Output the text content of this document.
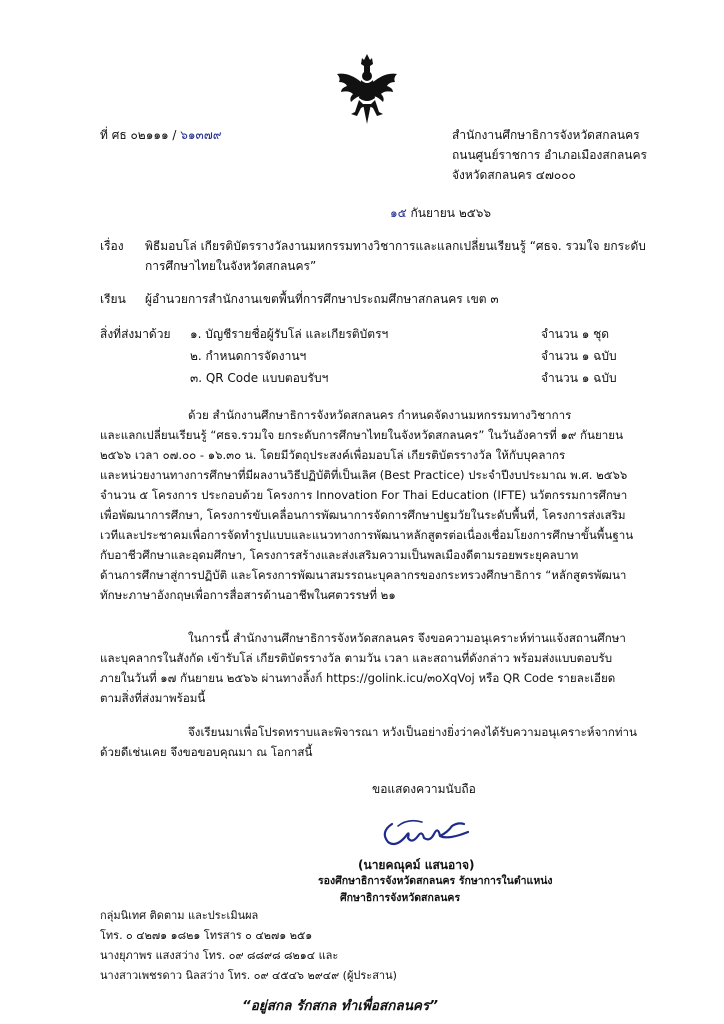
ที่ ศธ ๐๒๑๑๑ / ๖๑๓๗๙	สำนักงานศึกษาธิการจังหวัดสกลนคร
ถนนศูนย์ราชการ อำเภอเมืองสกลนคร
จังหวัดสกลนคร ๔๗๐๐๐
๑๕ กันยายน ๒๕๖๖
เรื่อง พิธีมอบโล่ เกียรติบัตรรางวัลงานมหกรรมทางวิชาการและแลกเปลี่ยนเรียนรู้ “ศธจ. รวมใจ ยกระดับ
การศึกษาไทยในจังหวัดสกลนคร”
เรียน ผู้อำนวยการสำนักงานเขตพื้นที่การศึกษาประถมศึกษาสกลนคร เขต ๓
สิ่งที่ส่งมาด้วย ๑. บัญชีรายชื่อผู้รับโล่ และเกียรติบัตรฯ
๒. กำหนดการจัดงานฯ
๓. QR Code แบบตอบรับฯ
จำนวน ๑ ชุด
จำนวน ๑ ฉบับ
จำนวน ๑ ฉบับ
ด้วย สำนักงานศึกษาธิการจังหวัดสกลนคร กำหนดจัดงานมหกรรมทางวิชาการ
และแลกเปลี่ยนเรียนรู้ “ศธจ.รวมใจ ยกระดับการศึกษาไทยในจังหวัดสกลนคร” ในวันอังคารที่ ๑๙ กันยายน
๒๕๖๖ เวลา ๐๗.๐๐ - ๑๖.๓๐ น. โดยมีวัตถุประสงค์เพื่อมอบโล่ เกียรติบัตรรางวัล ให้กับบุคลากร
และหน่วยงานทางการศึกษาที่มีผลงานวิธีปฏิบัติที่เป็นเลิศ (Best Practice) ประจำปีงบประมาณ พ.ศ. ๒๕๖๖
จำนวน ๕ โครงการ ประกอบด้วย โครงการ Innovation For Thai Education (IFTE) นวัตกรรมการศึกษา
เพื่อพัฒนาการศึกษา, โครงการขับเคลื่อนการพัฒนาการจัดการศึกษาปฐมวัยในระดับพื้นที่, โครงการส่งเสริม
เวทีและประชาคมเพื่อการจัดทำรูปแบบและแนวทางการพัฒนาหลักสูตรต่อเนื่องเชื่อมโยงการศึกษาขั้นพื้นฐาน
กับอาชีวศึกษาและอุดมศึกษา, โครงการสร้างและส่งเสริมความเป็นพลเมืองดีตามรอยพระยุคลบาท
ด้านการศึกษาสู่การปฏิบัติ และโครงการพัฒนาสมรรถนะบุคลากรของกระทรวงศึกษาธิการ “หลักสูตรพัฒนา
ทักษะภาษาอังกฤษเพื่อการสื่อสารด้านอาชีพในศตวรรษที่ ๒๑
ในการนี้ สำนักงานศึกษาธิการจังหวัดสกลนคร จึงขอความอนุเคราะห์ท่านแจ้งสถานศึกษา
และบุคลากรในสังกัด เข้ารับโล่ เกียรติบัตรรางวัล ตามวัน เวลา และสถานที่ดังกล่าว พร้อมส่งแบบตอบรับ
ภายในวันที่ ๑๗ กันยายน ๒๕๖๖ ผ่านทางลิ้งก์ https://golink.icu/๓oXqVoj หรือ QR Code รายละเอียด
ตามสิ่งที่ส่งมาพร้อมนี้
จึงเรียนมาเพื่อโปรดทราบและพิจารณา หวังเป็นอย่างยิ่งว่าคงได้รับความอนุเคราะห์จากท่าน
ด้วยดีเช่นเคย จึงขอขอบคุณมา ณ โอกาสนี้
ขอแสดงความนับถือ
(นายคณุคม์ แสนอาจ)
รองศึกษาธิการจังหวัดสกลนคร รักษาการในตำแหน่ง
ศึกษาธิการจังหวัดสกลนคร
กลุ่มนิเทศ ติดตาม และประเมินผล
โทร. ๐ ๔๒๗๑ ๑๘๒๑ โทรสาร ๐ ๔๒๗๑ ๒๕๑
นางยุภาพร แสงสว่าง โทร. ๐๙ ๘๘๙๘ ๘๒๑๔ และ
นางสาวเพชรดาว นิลสว่าง โทร. ๐๙ ๔๕๔๖ ๒๙๔๙ (ผู้ประสาน)
“อยู่สกล รักสกล ทำเพื่อสกลนคร”
